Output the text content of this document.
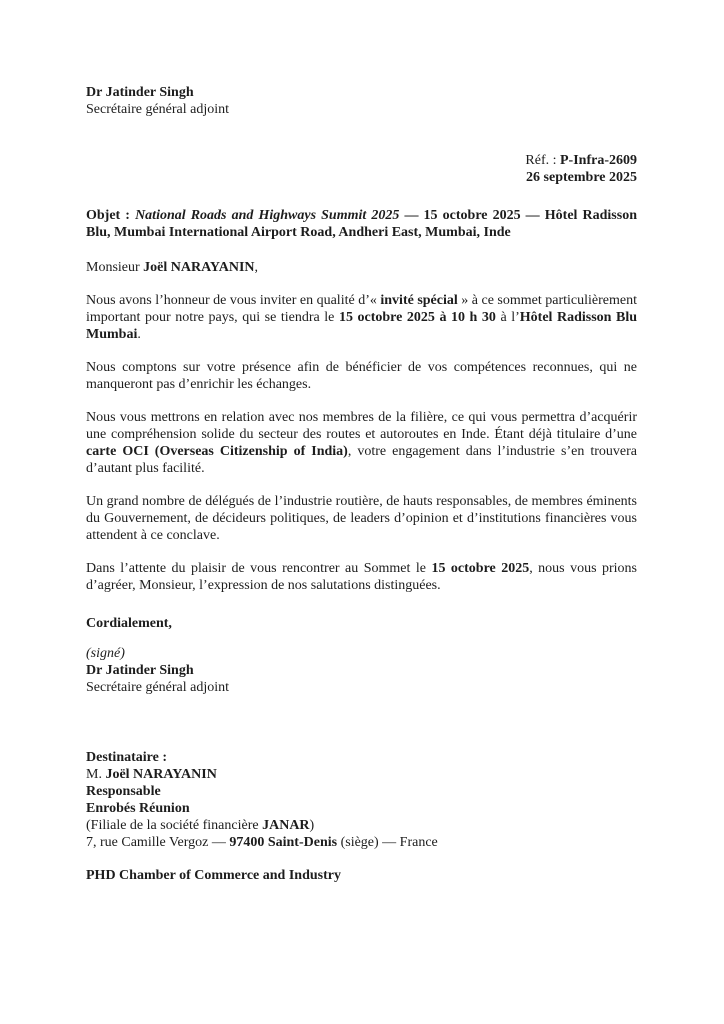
Dr Jatinder Singh
Secrétaire général adjoint
Réf. : P-Infra-2609
26 septembre 2025

Objet : National Roads and Highways Summit 2025 — 15 octobre 2025 — Hôtel Radisson Blu, Mumbai International Airport Road, Andheri East, Mumbai, Inde

Monsieur Joël NARAYANIN,

Nous avons l’honneur de vous inviter en qualité d’« invité spécial » à ce sommet particulièrement important pour notre pays, qui se tiendra le 15 octobre 2025 à 10 h 30 à l’Hôtel Radisson Blu Mumbai.

Nous comptons sur votre présence afin de bénéficier de vos compétences reconnues, qui ne manqueront pas d’enrichir les échanges.

Nous vous mettrons en relation avec nos membres de la filière, ce qui vous permettra d’acquérir une compréhension solide du secteur des routes et autoroutes en Inde. Étant déjà titulaire d’une carte OCI (Overseas Citizenship of India), votre engagement dans l’industrie s’en trouvera d’autant plus facilité.

Un grand nombre de délégués de l’industrie routière, de hauts responsables, de membres éminents du Gouvernement, de décideurs politiques, de leaders d’opinion et d’institutions financières vous attendent à ce conclave.

Dans l’attente du plaisir de vous rencontrer au Sommet le 15 octobre 2025, nous vous prions d’agréer, Monsieur, l’expression de nos salutations distinguées.

Cordialement,

(signé)
Dr Jatinder Singh
Secrétaire général adjoint
Destinataire :
M. Joël NARAYANIN
Responsable
Enrobés Réunion
(Filiale de la société financière JANAR)
7, rue Camille Vergoz — 97400 Saint-Denis (siège) — France

PHD Chamber of Commerce and Industry
